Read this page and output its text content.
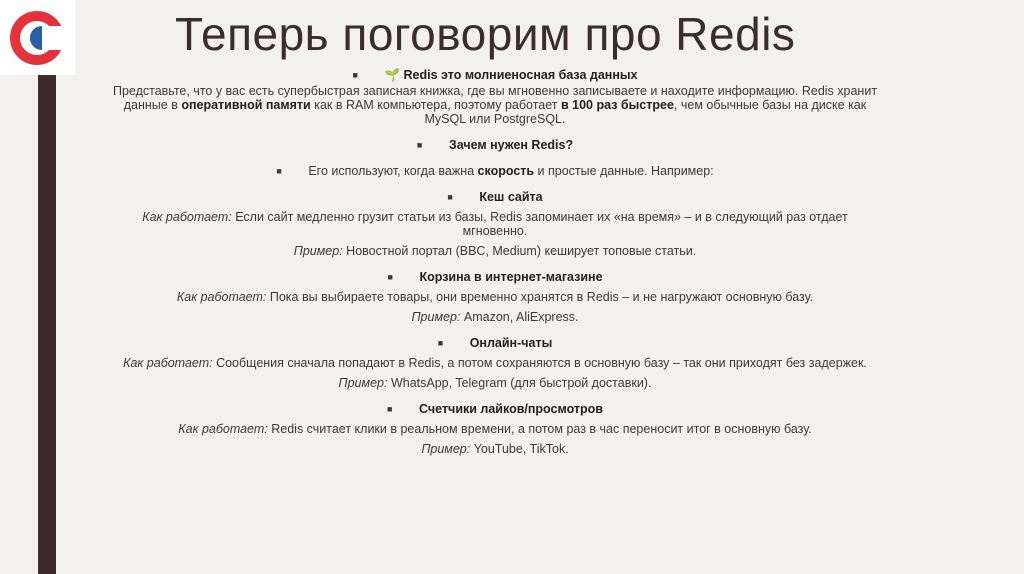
Теперь поговорим про Redis
■ 🌱 Redis это молниеносная база данных
Представьте, что у вас есть супербыстрая записная книжка, где вы мгновенно записываете и находите информацию. Redis хранит данные в оперативной памяти как в RAM компьютера, поэтому работает в 100 раз быстрее, чем обычные базы на диске как MySQL или PostgreSQL.
■ Зачем нужен Redis?
■ Его используют, когда важна скорость и простые данные. Например:
■ Кеш сайта
Как работает: Если сайт медленно грузит статьи из базы, Redis запоминает их «на время» – и в следующий раз отдает мгновенно.
Пример: Новостной портал (BBC, Medium) кеширует топовые статьи.
■ Корзина в интернет-магазине
Как работает: Пока вы выбираете товары, они временно хранятся в Redis – и не нагружают основную базу.
Пример: Amazon, AliExpress.
■ Онлайн-чаты
Как работает: Сообщения сначала попадают в Redis, а потом сохраняются в основную базу – так они приходят без задержек.
Пример: WhatsApp, Telegram (для быстрой доставки).
■ Счетчики лайков/просмотров
Как работает: Redis считает клики в реальном времени, а потом раз в час переносит итог в основную базу.
Пример: YouTube, TikTok.
